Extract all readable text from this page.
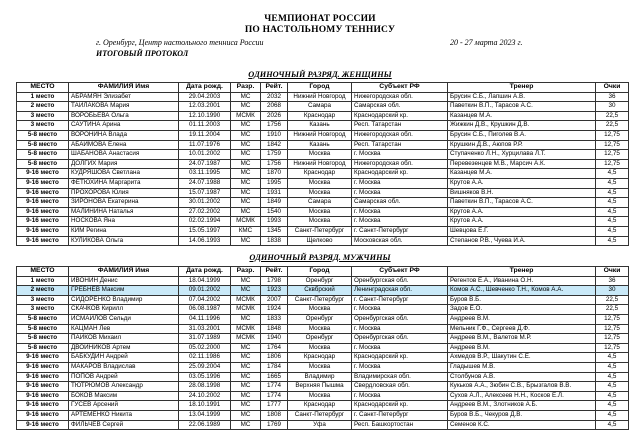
ЧЕМПИОНАТ РОССИИ
ПО НАСТОЛЬНОМУ ТЕННИСУ
г. Оренбург, Центр настольного тенниса России	20 - 27 марта 2023 г.
ИТОГОВЫЙ ПРОТОКОЛ
ОДИНОЧНЫЙ РАЗРЯД. ЖЕНЩИНЫ
МЕСТО	ФАМИЛИЯ Имя	Дата рожд.	Разр.	Рейт.	Город	Субъект РФ	Тренер	Очки
1 место	АБРАМЯН Элизабет	29.04.2003	МС	2032	Нижний Новгород	Нижегородская обл.	Брусин С.Б., Лапшин А.В.	36
2 место	ТАЙЛАКОВА Мария	12.03.2001	МС	2068	Самара	Самарская обл.	Паветкин В.П., Тарасов А.С.	30
3 место	ВОРОБЬЕВА Ольга	12.10.1990	МСМК	2026	Краснодар	Краснодарский кр.	Казанцев М.А.	22,5
3 место	САУТИНА Арина	01.11.2003	МС	1756	Казань	Респ. Татарстан	Жижкин Д.В., Крушкин Д.В.	22,5
5-8 место	ВОРОНИНА Влада	19.11.2004	МС	1910	Нижний Новгород	Нижегородская обл.	Брусин С.Б., Пиголев В.А.	12,75
5-8 место	АБАИМОВА Елена	11.07.1976	МС	1842	Казань	Респ. Татарстан	Крушкин Д.В., Аюпов Р.Р.	12,75
5-8 место	ШАБАНОВА Анастасия	10.01.2002	МС	1759	Москва	г. Москва	Ступаченко Л.Н., Хурцилава Л.Т.	12,75
5-8 место	ДОЛГИХ Мария	24.07.1987	МС	1756	Нижний Новгород	Нижегородская обл.	Перевезенцев М.В., Марсич А.К.	12,75
9-16 место	КУДРЯШОВА Светлана	03.11.1995	МС	1870	Краснодар	Краснодарский кр.	Казанцев М.А.	4,5
9-16 место	ФЕТЮХИНА Маргарита	24.07.1988	МС	1995	Москва	г. Москва	Крутов А.А.	4,5
9-16 место	ПРОХОРОВА Юлия	15.07.1987	МС	1931	Москва	г. Москва	Вишняков В.Н.	4,5
9-16 место	ЗИРОНОВА Екатерина	30.01.2002	МС	1849	Самара	Самарская обл.	Паветкин В.П., Тарасов А.С.	4,5
9-16 место	МАЛИНИНА Наталья	27.02.2002	МС	1540	Москва	г. Москва	Крутов А.А.	4,5
9-16 место	НОСКОВА Яна	02.02.1994	МСМК	1993	Москва	г. Москва	Крутов А.А.	4,5
9-16 место	КИМ Регина	15.05.1997	КМС	1345	Санкт-Петербург	г. Санкт-Петербург	Шевцова Е.Г.	4,5
9-16 место	КУЛИКОВА Ольга	14.06.1993	МС	1838	Щелково	Московская обл.	Степанов Р.В., Чуева И.А.	4,5
ОДИНОЧНЫЙ РАЗРЯД. МУЖЧИНЫ
МЕСТО	ФАМИЛИЯ Имя	Дата рожд.	Разр.	Рейт.	Город	Субъект РФ	Тренер	Очки
1 место	ИВОНИН Денис	18.04.1999	МС	1798	Оренбург	Оренбургская обл.	Регентов Е.А., Иванина О.Н.	36
2 место	ГРЕБНЕВ Максим	09.01.2002	МС	1923	Сквбрский	Ленинградская обл.	Комов А.С., Шевченко Т.Н., Комов А.А.	30
3 место	СИДОРЕНКО Владимир	07.04.2002	МСМК	2007	Санкт-Петербург	г. Санкт-Петербург	Буров В.Б.	22,5
3 место	СКАЧКОВ Кирилл	06.08.1987	МСМК	1924	Москва	г. Москва	Задов Е.О.	22,5
5-8 место	ИСМАИЛОВ Сельди	04.11.1996	МС	1833	Оренбург	Оренбургская обл.	Андреев В.М.	12,75
5-8 место	КАЦМАН Лев	31.03.2001	МСМК	1848	Москва	г. Москва	Мельник Г.Ф., Сергеев Д.Ф.	12,75
5-8 место	ПАЙКОВ Михаил	31.07.1989	МСМК	1940	Оренбург	Оренбургская обл.	Андреев В.М., Валетов М.Р.	12,75
5-8 место	ДВОЙНИКОВ Артем	05.02.2000	МС	1764	Москва	г. Москва	Андреев В.М.	12,75
9-16 место	БАБКУДИН Андрей	02.11.1986	МС	1806	Краснодар	Краснодарский кр.	Ахмедов В.Р., Шакутин С.Е.	4,5
9-16 место	МАКАРОВ Владислав	25.09.2004	МС	1784	Москва	г. Москва	Гладышев М.В.	4,5
9-16 место	ПОПОВ Андрей	03.05.1996	МС	1665	Владимир	Владимирская обл.	Столбунов А.В.	4,5
9-16 место	ТЮТРЮМОВ Александр	28.08.1998	МС	1774	Верхняя Пышма	Свердловская обл.	Кукьков А.А., Зюбин С.В., Брызгалов В.В.	4,5
9-16 место	БОКОВ Максим	24.10.2002	МС	1774	Москва	г. Москва	Сухов А.Л., Алексеев Н.Н., Косков Е.Л.	4,5
9-16 место	ГУСЕВ Арсений	18.10.1991	МС	1777	Краснодар	Краснодарский кр.	Андреев В.М., Злотников А.Б.	4,5
9-16 место	АРТЕМЕНКО Никита	13.04.1999	МС	1808	Санкт-Петербург	г. Санкт-Петербург	Буров В.Б., Чекуров Д.В.	4,5
9-16 место	ФИЛЬЧЕВ Сергей	22.06.1989	МС	1769	Уфа	Респ. Башкортостан	Семенов К.С.	4,5
